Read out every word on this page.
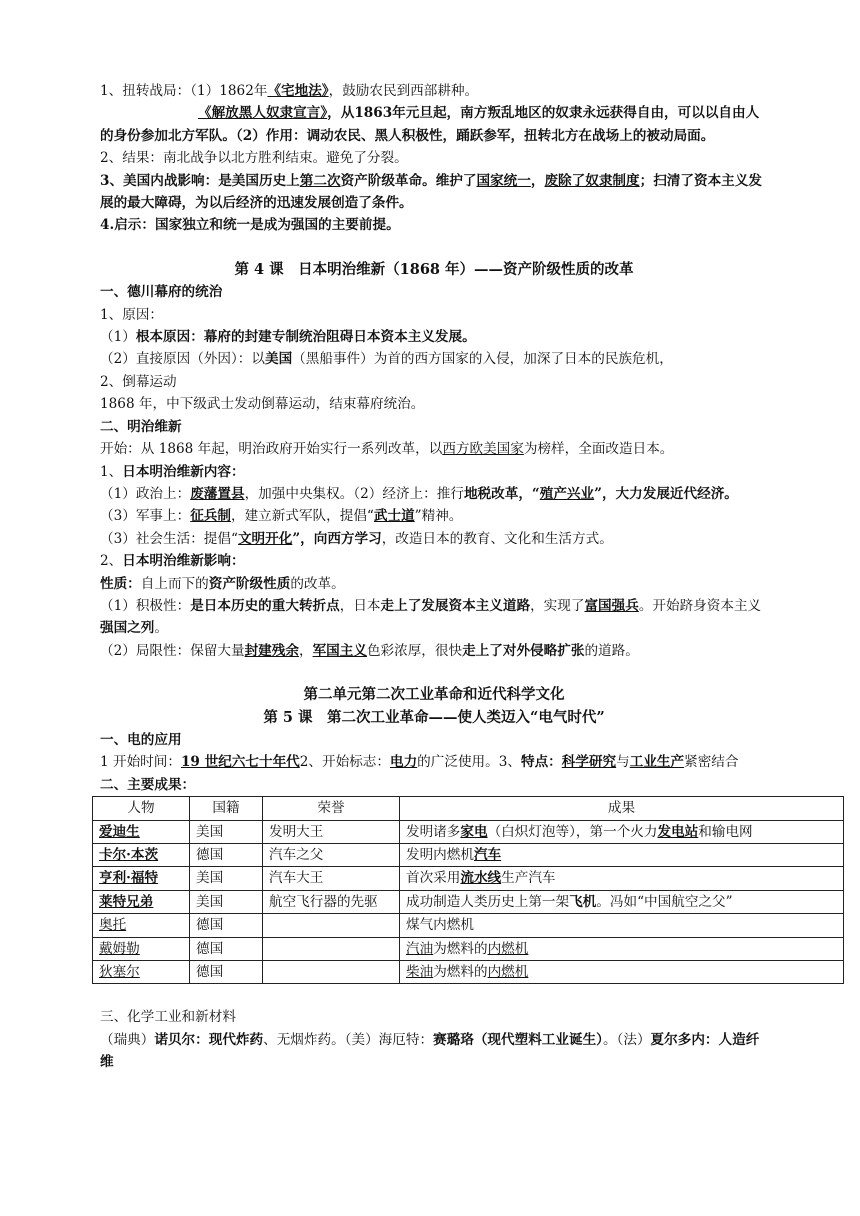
1、扭转战局：（1）1862年《宅地法》，鼓励农民到西部耕种。

《解放黑人奴隶宣言》，从1863年元旦起，南方叛乱地区的奴隶永远获得自由，可以以自由人的身份参加北方军队。（2）作用：调动农民、黑人积极性，踊跃参军，扭转北方在战场上的被动局面。

2、结果：南北战争以北方胜利结束。避免了分裂。

3、美国内战影响：是美国历史上第二次资产阶级革命。维护了国家统一，废除了奴隶制度；扫清了资本主义发展的最大障碍，为以后经济的迅速发展创造了条件。

4.启示：国家独立和统一是成为强国的主要前提。

第 4 课　日本明治维新（1868 年）——资产阶级性质的改革

一、德川幕府的统治

1、原因：

（1）根本原因：幕府的封建专制统治阻碍日本资本主义发展。

（2）直接原因（外因）：以美国（黑船事件）为首的西方国家的入侵，加深了日本的民族危机，

2、倒幕运动

1868 年，中下级武士发动倒幕运动，结束幕府统治。

二、明治维新

开始：从 1868 年起，明治政府开始实行一系列改革，以西方欧美国家为榜样，全面改造日本。

1、日本明治维新内容：

（1）政治上：废藩置县，加强中央集权。（2）经济上：推行地税改革，“殖产兴业”，大力发展近代经济。

（3）军事上：征兵制，建立新式军队，提倡“武士道”精神。

（3）社会生活：提倡“文明开化”，向西方学习，改造日本的教育、文化和生活方式。

2、日本明治维新影响：

性质：自上而下的资产阶级性质的改革。

（1）积极性：是日本历史的重大转折点，日本走上了发展资本主义道路，实现了富国强兵。开始跻身资本主义强国之列。

（2）局限性：保留大量封建残余，军国主义色彩浓厚，很快走上了对外侵略扩张的道路。

第二单元第二次工业革命和近代科学文化

第 5 课　第二次工业革命——使人类迈入“电气时代”

一、电的应用

1 开始时间：19 世纪六七十年代2、开始标志：电力的广泛使用。3、特点：科学研究与工业生产紧密结合

二、主要成果：

人物	国籍	荣誉	成果
爱迪生	美国	发明大王	发明诸多家电（白炽灯泡等），第一个火力发电站和输电网
卡尔·本茨	德国	汽车之父	发明内燃机汽车
亨利·福特	美国	汽车大王	首次采用流水线生产汽车
莱特兄弟	美国	航空飞行器的先驱	成功制造人类历史上第一架飞机。冯如“中国航空之父”
奥托	德国		煤气内燃机
戴姆勒	德国		汽油为燃料的内燃机
狄塞尔	德国		柴油为燃料的内燃机

三、化学工业和新材料

（瑞典）诺贝尔：现代炸药、无烟炸药。（美）海厄特：赛璐珞（现代塑料工业诞生）。（法）夏尔多内：人造纤维
